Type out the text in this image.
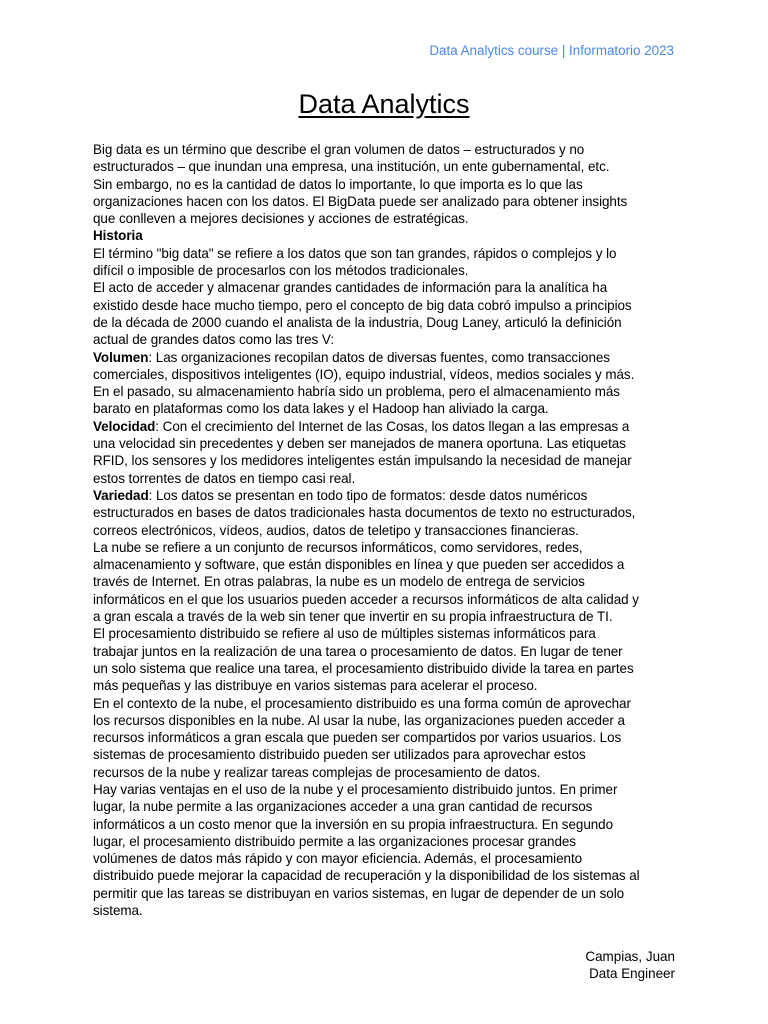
Data Analytics course | Informatorio 2023
Data Analytics
Big data es un término que describe el gran volumen de datos – estructurados y no
estructurados – que inundan una empresa, una institución, un ente gubernamental, etc.
Sin embargo, no es la cantidad de datos lo importante, lo que importa es lo que las
organizaciones hacen con los datos. El BigData puede ser analizado para obtener insights
que conlleven a mejores decisiones y acciones de estratégicas.
Historia
El término "big data" se refiere a los datos que son tan grandes, rápidos o complejos y lo
difícil o imposible de procesarlos con los métodos tradicionales.
El acto de acceder y almacenar grandes cantidades de información para la analítica ha
existido desde hace mucho tiempo, pero el concepto de big data cobró impulso a principios
de la década de 2000 cuando el analista de la industria, Doug Laney, articuló la definición
actual de grandes datos como las tres V:
Volumen: Las organizaciones recopilan datos de diversas fuentes, como transacciones
comerciales, dispositivos inteligentes (IO), equipo industrial, vídeos, medios sociales y más.
En el pasado, su almacenamiento habría sido un problema, pero el almacenamiento más
barato en plataformas como los data lakes y el Hadoop han aliviado la carga.
Velocidad: Con el crecimiento del Internet de las Cosas, los datos llegan a las empresas a
una velocidad sin precedentes y deben ser manejados de manera oportuna. Las etiquetas
RFID, los sensores y los medidores inteligentes están impulsando la necesidad de manejar
estos torrentes de datos en tiempo casi real.
Variedad: Los datos se presentan en todo tipo de formatos: desde datos numéricos
estructurados en bases de datos tradicionales hasta documentos de texto no estructurados,
correos electrónicos, vídeos, audios, datos de teletipo y transacciones financieras.
La nube se refiere a un conjunto de recursos informáticos, como servidores, redes,
almacenamiento y software, que están disponibles en línea y que pueden ser accedidos a
través de Internet. En otras palabras, la nube es un modelo de entrega de servicios
informáticos en el que los usuarios pueden acceder a recursos informáticos de alta calidad y
a gran escala a través de la web sin tener que invertir en su propia infraestructura de TI.
El procesamiento distribuido se refiere al uso de múltiples sistemas informáticos para
trabajar juntos en la realización de una tarea o procesamiento de datos. En lugar de tener
un solo sistema que realice una tarea, el procesamiento distribuido divide la tarea en partes
más pequeñas y las distribuye en varios sistemas para acelerar el proceso.
En el contexto de la nube, el procesamiento distribuido es una forma común de aprovechar
los recursos disponibles en la nube. Al usar la nube, las organizaciones pueden acceder a
recursos informáticos a gran escala que pueden ser compartidos por varios usuarios. Los
sistemas de procesamiento distribuido pueden ser utilizados para aprovechar estos
recursos de la nube y realizar tareas complejas de procesamiento de datos.
Hay varias ventajas en el uso de la nube y el procesamiento distribuido juntos. En primer
lugar, la nube permite a las organizaciones acceder a una gran cantidad de recursos
informáticos a un costo menor que la inversión en su propia infraestructura. En segundo
lugar, el procesamiento distribuido permite a las organizaciones procesar grandes
volúmenes de datos más rápido y con mayor eficiencia. Además, el procesamiento
distribuido puede mejorar la capacidad de recuperación y la disponibilidad de los sistemas al
permitir que las tareas se distribuyan en varios sistemas, en lugar de depender de un solo
sistema.
Campias, Juan
Data Engineer
